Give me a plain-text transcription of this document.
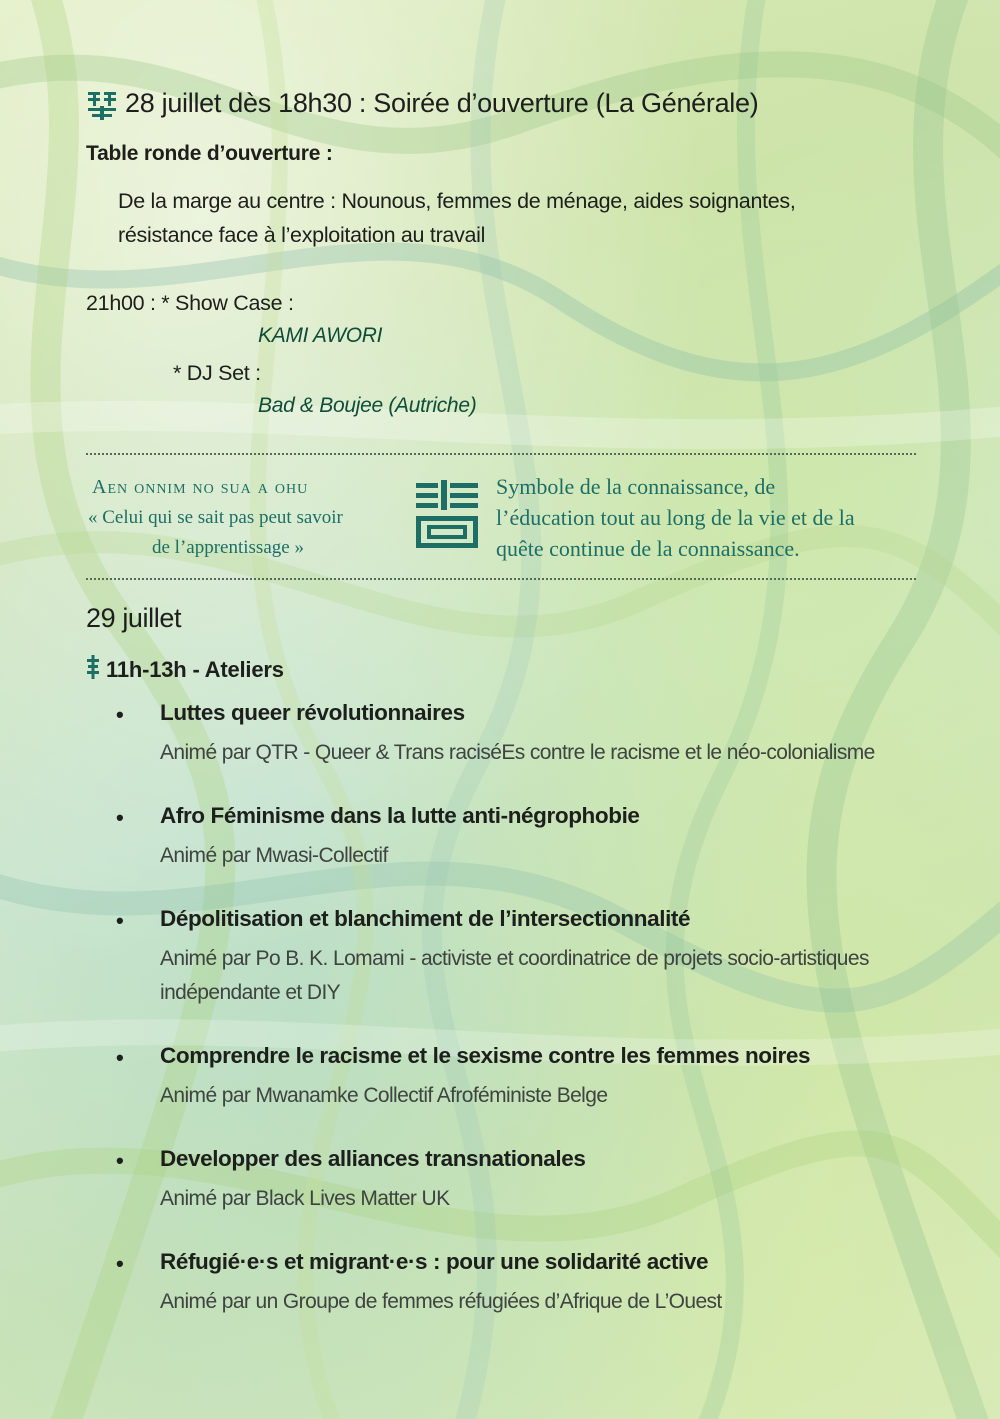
28 juillet dès 18h30 : Soirée d’ouverture (La Générale)
Table ronde d’ouverture :
De la marge au centre : Nounous, femmes de ménage, aides soignantes,
résistance face à l’exploitation au travail
21h00 : * Show Case :
KAMI AWORI
* DJ Set :
Bad & Boujee (Autriche)
Aen onnim no sua a ohu
« Celui qui se sait pas peut savoir
de l’apprentissage »
Symbole de la connaissance, de
l’éducation tout au long de la vie et de la
quête continue de la connaissance.
29 juillet
11h-13h - Ateliers
• Luttes queer révolutionnaires
Animé par QTR - Queer & Trans raciséEs contre le racisme et le néo-colonialisme
• Afro Féminisme dans la lutte anti-négrophobie
Animé par Mwasi-Collectif
• Dépolitisation et blanchiment de l’intersectionnalité
Animé par Po B. K. Lomami - activiste et coordinatrice de projets socio-artistiques
indépendante et DIY
• Comprendre le racisme et le sexisme contre les femmes noires
Animé par Mwanamke Collectif Afroféministe Belge
• Developper des alliances transnationales
Animé par Black Lives Matter UK
• Réfugié·e·s et migrant·e·s : pour une solidarité active
Animé par un Groupe de femmes réfugiées d’Afrique de L’Ouest
